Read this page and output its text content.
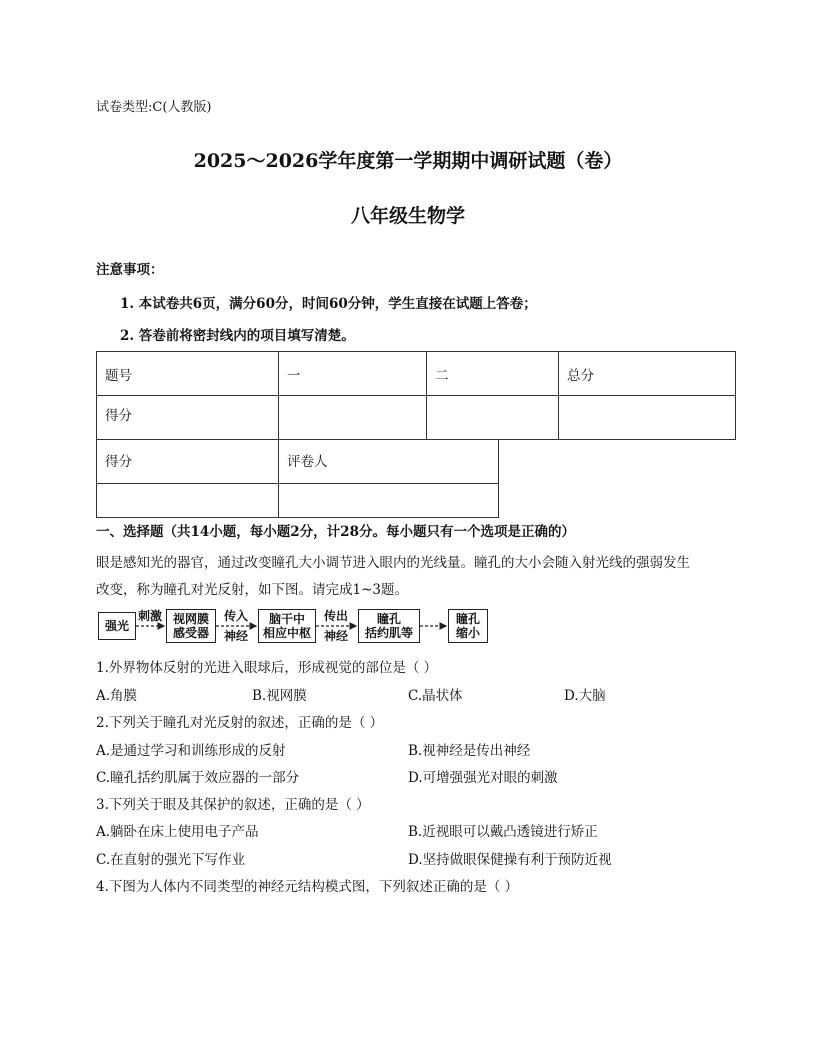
试卷类型:C(人教版)
2025～2026学年度第一学期期中调研试题（卷）
八年级生物学
注意事项：
1. 本试卷共6页，满分60分，时间60分钟，学生直接在试题上答卷；
2. 答卷前将密封线内的项目填写清楚。
题号	一	二	总分
得分			
得分	评卷人

一、选择题（共14小题，每小题2分，计28分。每小题只有一个选项是正确的）
眼是感知光的器官，通过改变瞳孔大小调节进入眼内的光线量。瞳孔的大小会随入射光线的强弱发生
改变，称为瞳孔对光反射，如下图。请完成1~3题。
强光	视网膜
感受器
脑干中
相应中枢
瞳孔
括约肌等
瞳孔
缩小
刺激	传入
神经
传出
神经
1.外界物体反射的光进入眼球后，形成视觉的部位是（ ）
A.角膜	B.视网膜	C.晶状体	D.大脑
2.下列关于瞳孔对光反射的叙述，正确的是（ ）
A.是通过学习和训练形成的反射	B.视神经是传出神经
C.瞳孔括约肌属于效应器的一部分	D.可增强强光对眼的刺激
3.下列关于眼及其保护的叙述，正确的是（ ）
A.躺卧在床上使用电子产品	B.近视眼可以戴凸透镜进行矫正
C.在直射的强光下写作业	D.坚持做眼保健操有利于预防近视
4.下图为人体内不同类型的神经元结构模式图，下列叙述正确的是（ ）
